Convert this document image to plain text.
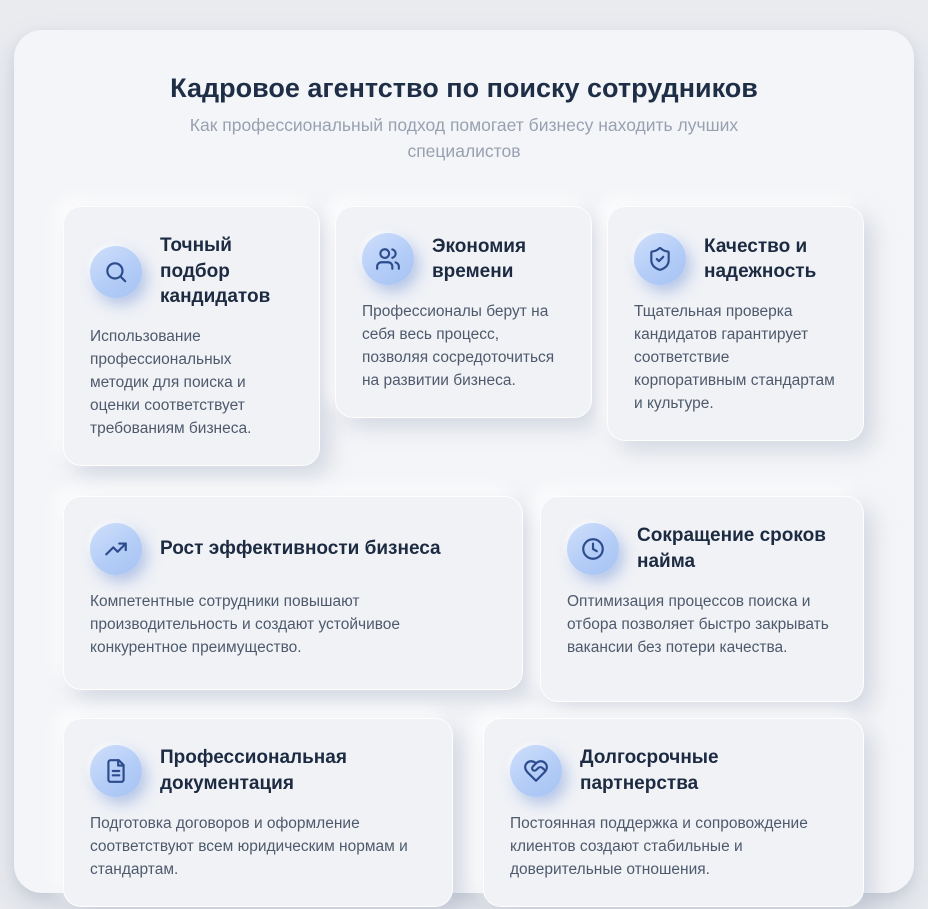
Кадровое агентство по поиску сотрудников

Как профессиональный подход помогает бизнесу находить лучших специалистов

Точный подбор кандидатов

Использование профессиональных методик для поиска и оценки соответствует требованиям бизнеса.

Экономия времени

Профессионалы берут на себя весь процесс, позволяя сосредоточиться на развитии бизнеса.

Качество и надежность

Тщательная проверка кандидатов гарантирует соответствие корпоративным стандартам и культуре.

Рост эффективности бизнеса

Компетентные сотрудники повышают производительность и создают устойчивое конкурентное преимущество.

Сокращение сроков найма

Оптимизация процессов поиска и отбора позволяет быстро закрывать вакансии без потери качества.

Профессиональная документация

Подготовка договоров и оформление соответствуют всем юридическим нормам и стандартам.

Долгосрочные партнерства

Постоянная поддержка и сопровождение клиентов создают стабильные и доверительные отношения.
